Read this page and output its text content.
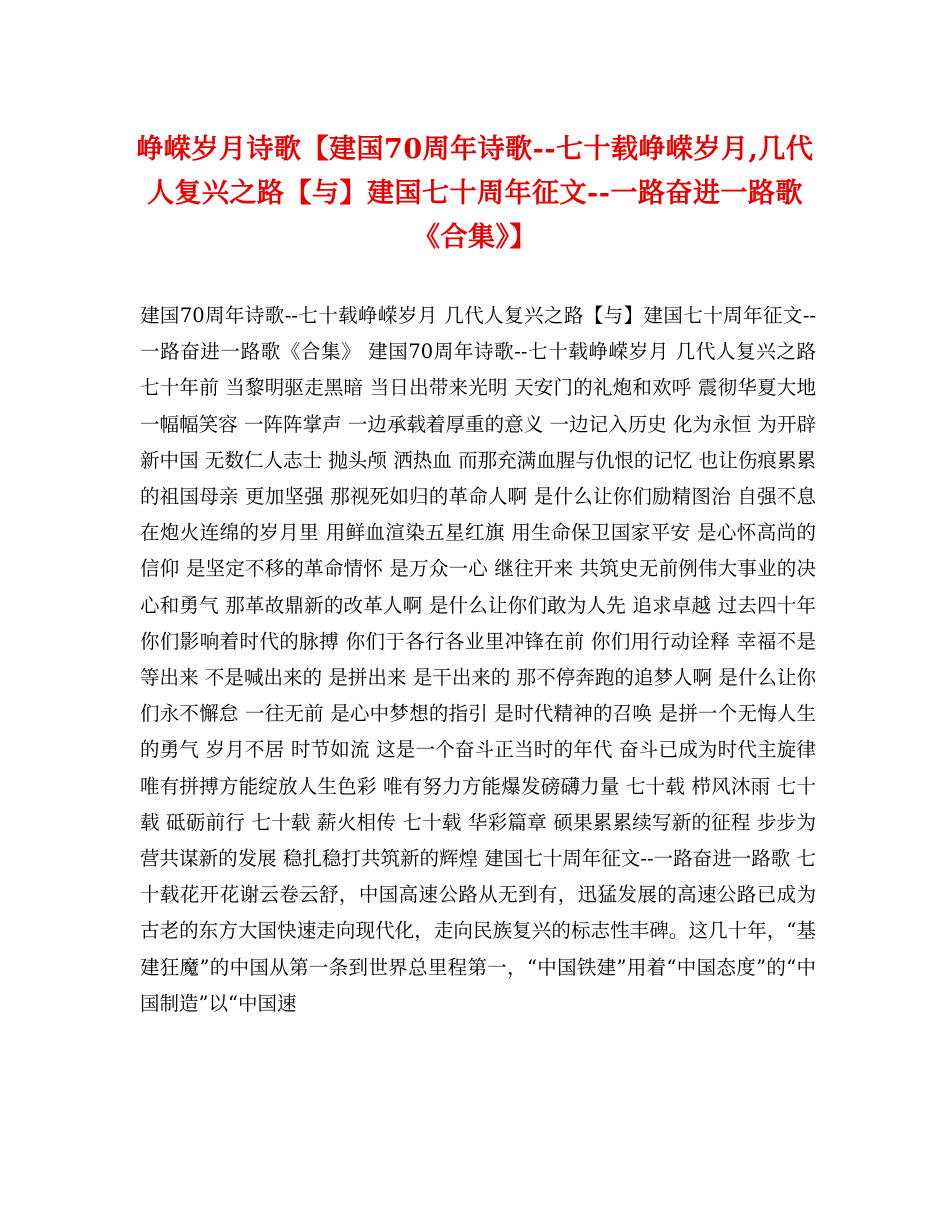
峥嵘岁月诗歌【建国70周年诗歌--七十载峥嵘岁月,几代人复兴之路【与】建国七十周年征文--一路奋进一路歌《合集》】

建国70周年诗歌--七十载峥嵘岁月 几代人复兴之路【与】建国七十周年征文--一路奋进一路歌《合集》 建国70周年诗歌--七十载峥嵘岁月 几代人复兴之路 七十年前 当黎明驱走黑暗 当日出带来光明 天安门的礼炮和欢呼 震彻华夏大地 一幅幅笑容 一阵阵掌声 一边承载着厚重的意义 一边记入历史 化为永恒 为开辟新中国 无数仁人志士 抛头颅 洒热血 而那充满血腥与仇恨的记忆 也让伤痕累累的祖国母亲 更加坚强 那视死如归的革命人啊 是什么让你们励精图治 自强不息 在炮火连绵的岁月里 用鲜血渲染五星红旗 用生命保卫国家平安 是心怀高尚的信仰 是坚定不移的革命情怀 是万众一心 继往开来 共筑史无前例伟大事业的决心和勇气 那革故鼎新的改革人啊 是什么让你们敢为人先 追求卓越 过去四十年 你们影响着时代的脉搏 你们于各行各业里冲锋在前 你们用行动诠释 幸福不是等出来 不是喊出来的 是拼出来 是干出来的 那不停奔跑的追梦人啊 是什么让你们永不懈怠 一往无前 是心中梦想的指引 是时代精神的召唤 是拼一个无悔人生的勇气 岁月不居 时节如流 这是一个奋斗正当时的年代 奋斗已成为时代主旋律 唯有拼搏方能绽放人生色彩 唯有努力方能爆发磅礴力量 七十载 栉风沐雨 七十载 砥砺前行 七十载 薪火相传 七十载 华彩篇章 硕果累累续写新的征程 步步为营共谋新的发展 稳扎稳打共筑新的辉煌 建国七十周年征文--一路奋进一路歌 七十载花开花谢云卷云舒，中国高速公路从无到有，迅猛发展的高速公路已成为古老的东方大国快速走向现代化，走向民族复兴的标志性丰碑。这几十年，“基建狂魔”的中国从第一条到世界总里程第一，“中国铁建”用着“中国态度”的“中国制造”以“中国速
